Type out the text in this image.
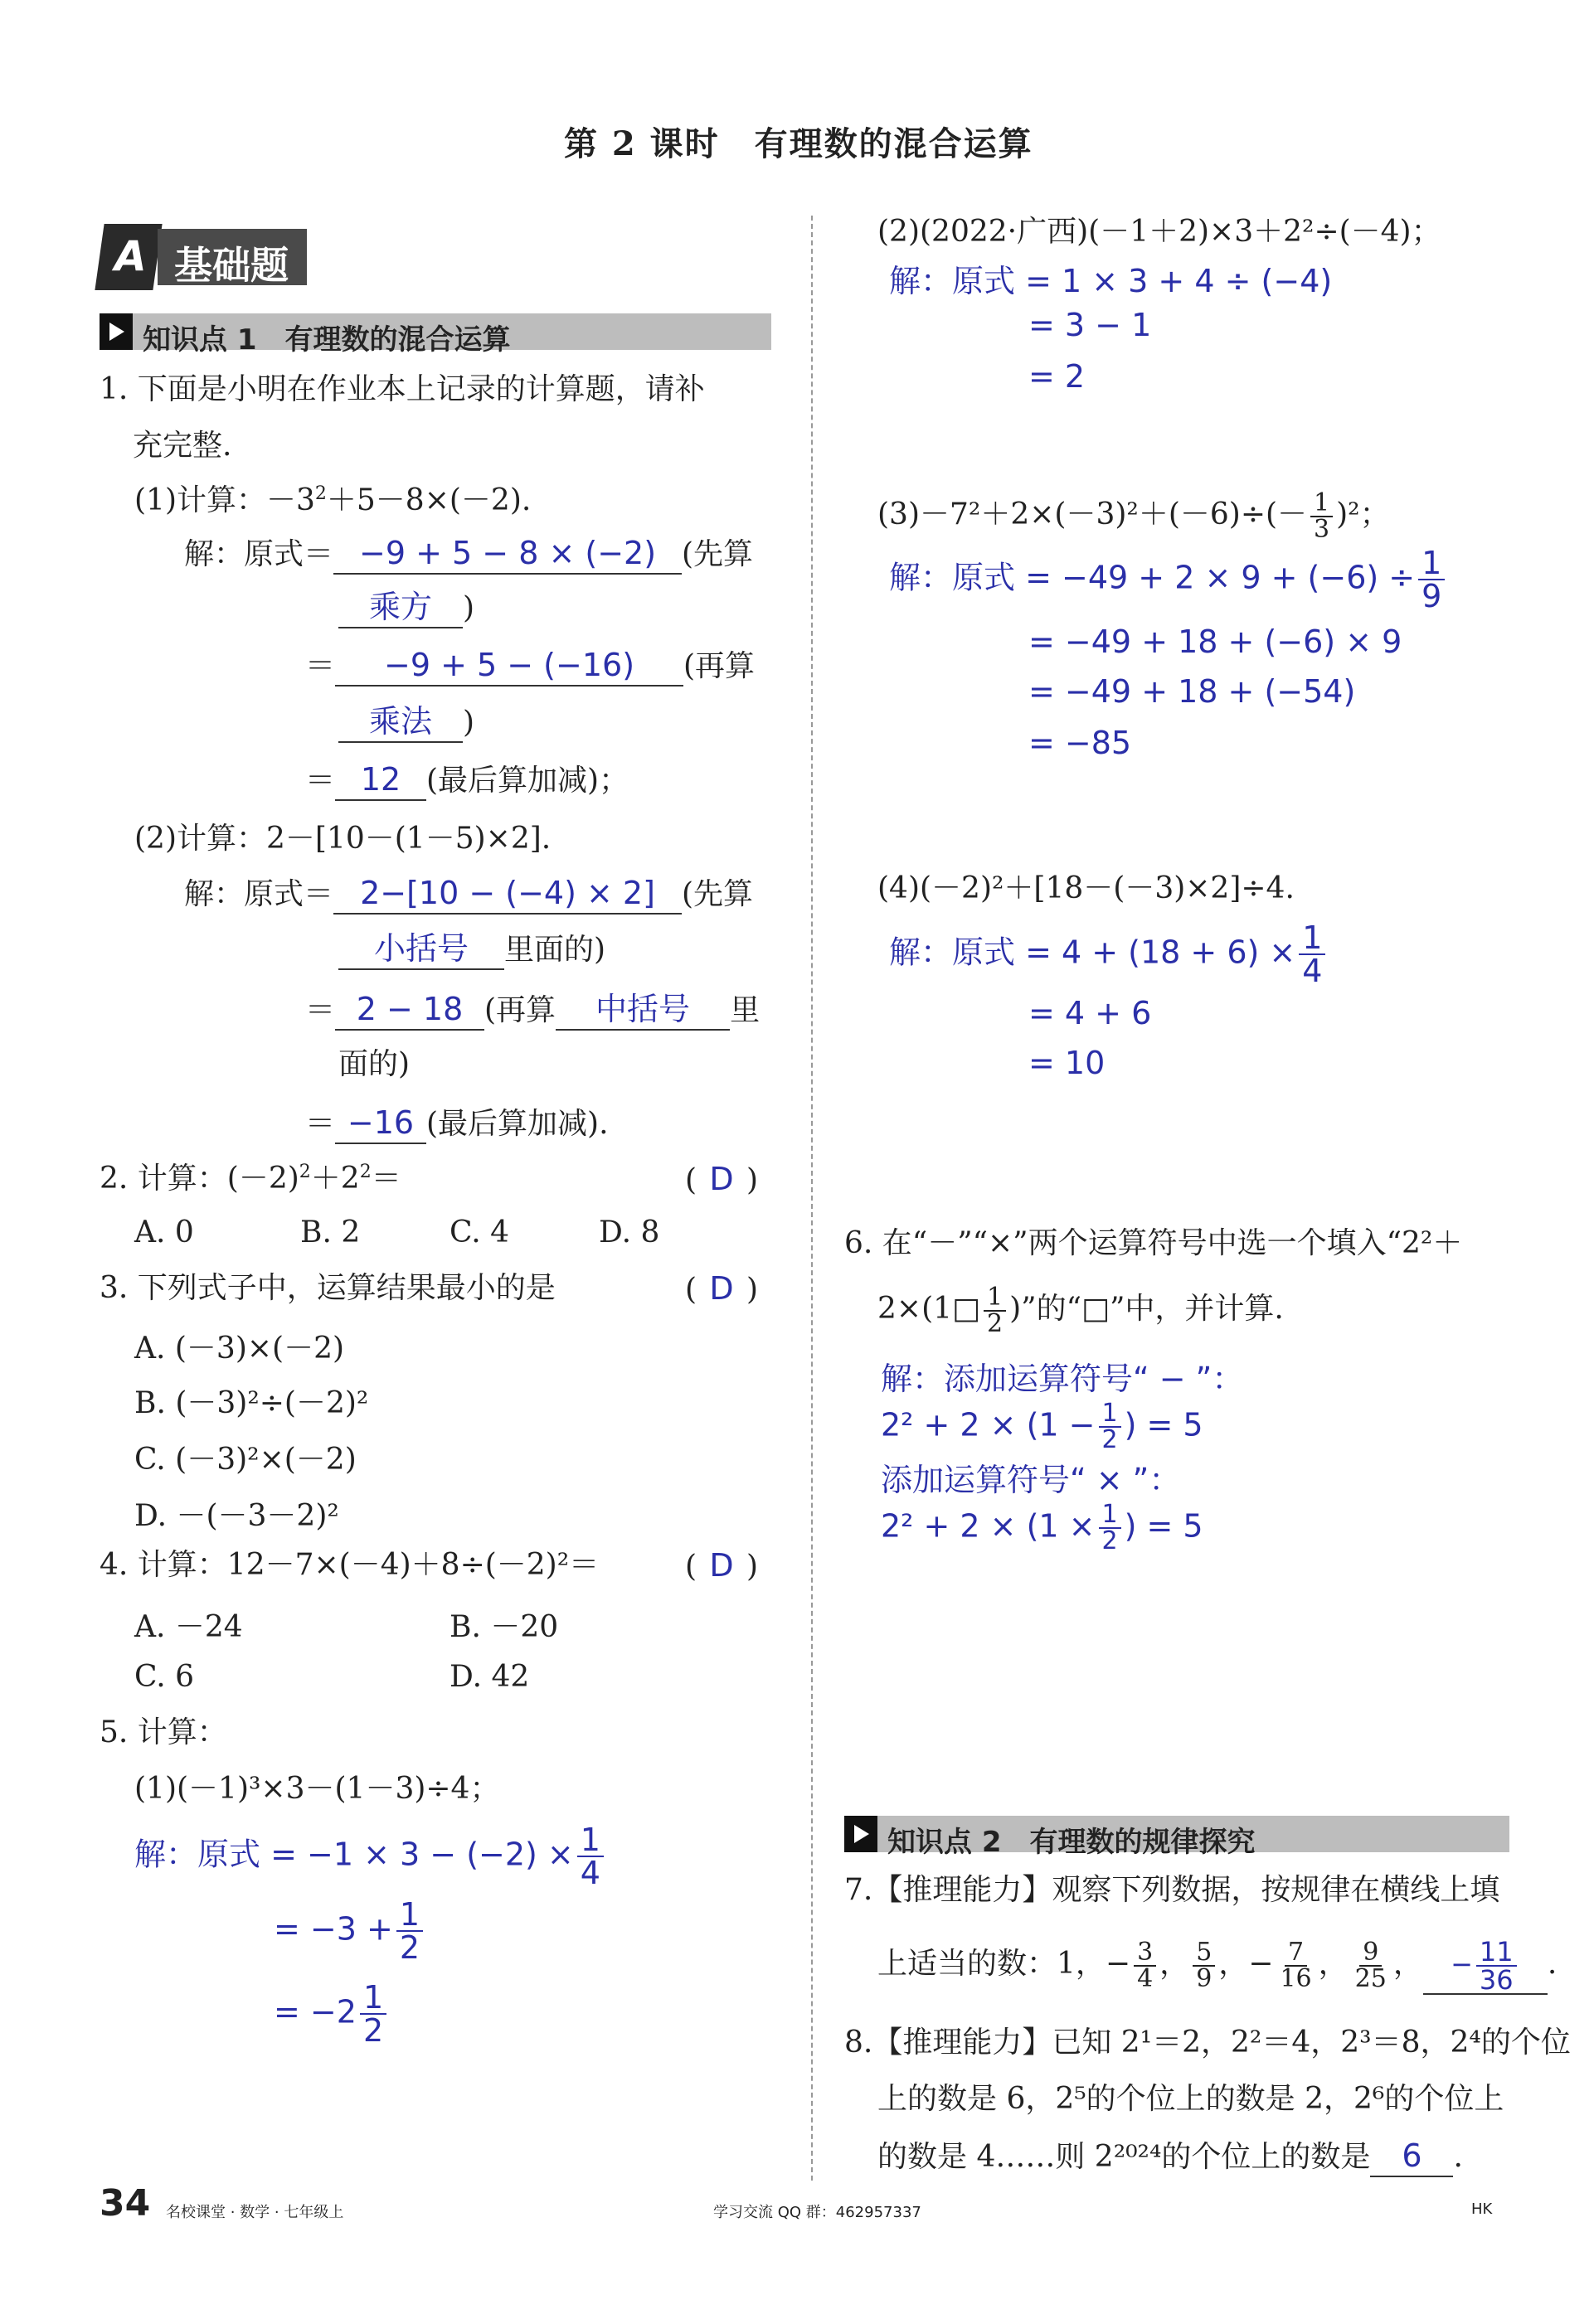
第 2 课时　有理数的混合运算
A 基础题
知识点 1　有理数的混合运算
1. 下面是小明在作业本上记录的计算题，请补
充完整.
(1)计算：$-3^2+5-8\times(-2)$.
解：原式＝ −9 + 5 − 8 × (−2) (先算
乘方 )
＝ −9 + 5 − (−16) (再算
乘法 )
＝ 12 (最后算加减)；
(2)计算：2－[10－(1－5)×2].
解：原式＝ 2−[10 − (−4) × 2] (先算
小括号 里面的)
＝ 2 − 18 (再算 中括号 里
面的)
＝ −16 (最后算加减).
2. 计算：$(-2)^2+2^2=$	( D )
A. 0	B. 2	C. 4	D. 8
3. 下列式子中，运算结果最小的是	( D )
A. (－3)×(－2)
B. (－3)²÷(－2)²
C. (－3)²×(－2)
D. －(－3－2)²
4. 计算：12－7×(－4)＋8÷(－2)²＝	( D )
A. －24	B. －20
C. 6	D. 42
5. 计算：
(1)(－1)³×3－(1－3)÷4；
解：原式 = $-1 \times 3 - (-2) \times \frac{1}{4}$
= $-3 + \frac{1}{2}$
= $-2 \frac{1}{2}$
(2)(2022·广西)(－1＋2)×3＋2²÷(－4)；
解：原式 = 1 × 3 + 4 ÷ (−4)
= 3 − 1
= 2
$(3)-7^2+2\times(-3)^2+(-6)\div(- \frac{1}{3} )^2$；
解：原式 = $-49 + 2 \times 9 + (-6) \div \frac{1}{9}$
= −49 + 18 + (−6) × 9
= −49 + 18 + (−54)
= −85
(4)(－2)²＋[18－(－3)×2]÷4.
解：原式 = $4 + (18 + 6) \times \frac{1}{4}$
= 4 + 6
= 10
6. 在“－”“×”两个运算符号中选一个填入“2²＋
2×(1□ $\frac{1}{2}$ )”的“□”中，并计算.
解：添加运算符号“ − ”：
$2^2 + 2 \times (1 - \frac{1}{2}$ ) = 5
添加运算符号“ × ”：
$2^2 + 2 \times (1 \times \frac{1}{2}$ ) = 5
知识点 2　有理数的规律探究
7.【推理能力】观察下列数据，按规律在横线上填
上适当的数：1，− $\frac{3}{4}$ ， $\frac{5}{9}$ ，− $\frac{7}{16}$ ， $\frac{9}{25}$ ， − $\frac{11}{36}$ .
8.【推理能力】已知 2¹＝2，2²＝4，2³＝8，2⁴的个位
上的数是 6，2⁵的个位上的数是 2，2⁶的个位上
的数是 4……则 2²⁰²⁴的个位上的数是 6 .
34 名校课堂 · 数学 · 七年级上	学习交流 QQ 群：462957337	HK
